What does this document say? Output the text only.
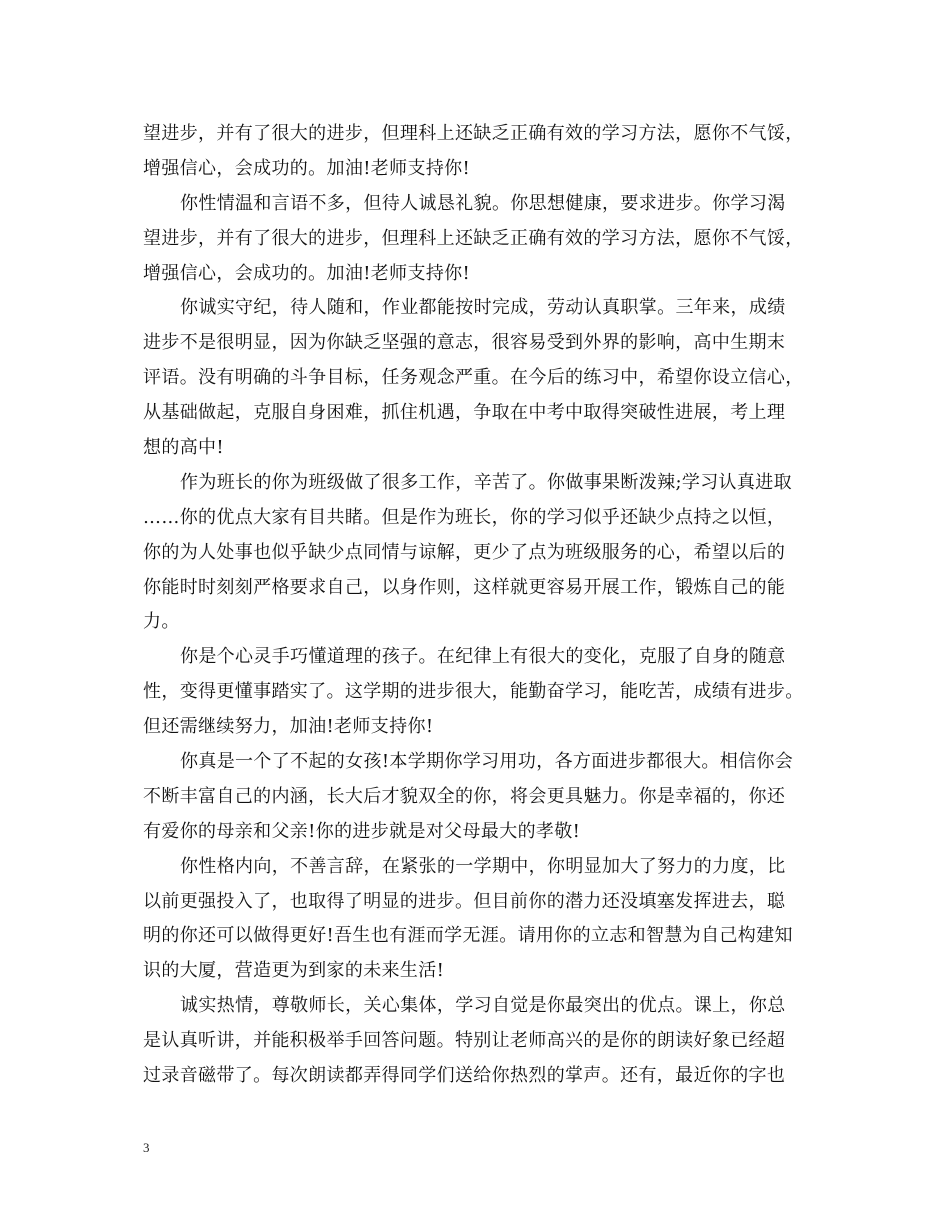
望进步，并有了很大的进步，但理科上还缺乏正确有效的学习方法，愿你不气馁，
增强信心，会成功的。加油!老师支持你!
你性情温和言语不多，但待人诚恳礼貌。你思想健康，要求进步。你学习渴
望进步，并有了很大的进步，但理科上还缺乏正确有效的学习方法，愿你不气馁，
增强信心，会成功的。加油!老师支持你!
你诚实守纪，待人随和，作业都能按时完成，劳动认真职掌。三年来，成绩
进步不是很明显，因为你缺乏坚强的意志，很容易受到外界的影响，高中生期末
评语。没有明确的斗争目标，任务观念严重。在今后的练习中，希望你设立信心，
从基础做起，克服自身困难，抓住机遇，争取在中考中取得突破性进展，考上理
想的高中!
作为班长的你为班级做了很多工作，辛苦了。你做事果断泼辣;学习认真进取
……你的优点大家有目共睹。但是作为班长，你的学习似乎还缺少点持之以恒，
你的为人处事也似乎缺少点同情与谅解，更少了点为班级服务的心，希望以后的
你能时时刻刻严格要求自己，以身作则，这样就更容易开展工作，锻炼自己的能
力。
你是个心灵手巧懂道理的孩子。在纪律上有很大的变化，克服了自身的随意
性，变得更懂事踏实了。这学期的进步很大，能勤奋学习，能吃苦，成绩有进步。
但还需继续努力，加油!老师支持你!
你真是一个了不起的女孩!本学期你学习用功，各方面进步都很大。相信你会
不断丰富自己的内涵，长大后才貌双全的你，将会更具魅力。你是幸福的，你还
有爱你的母亲和父亲!你的进步就是对父母最大的孝敬!
你性格内向，不善言辞，在紧张的一学期中，你明显加大了努力的力度，比
以前更强投入了，也取得了明显的进步。但目前你的潜力还没填塞发挥进去，聪
明的你还可以做得更好!吾生也有涯而学无涯。请用你的立志和智慧为自己构建知
识的大厦，营造更为到家的未来生活!
诚实热情，尊敬师长，关心集体，学习自觉是你最突出的优点。课上，你总
是认真听讲，并能积极举手回答问题。特别让老师高兴的是你的朗读好象已经超
过录音磁带了。每次朗读都弄得同学们送给你热烈的掌声。还有，最近你的字也
3
